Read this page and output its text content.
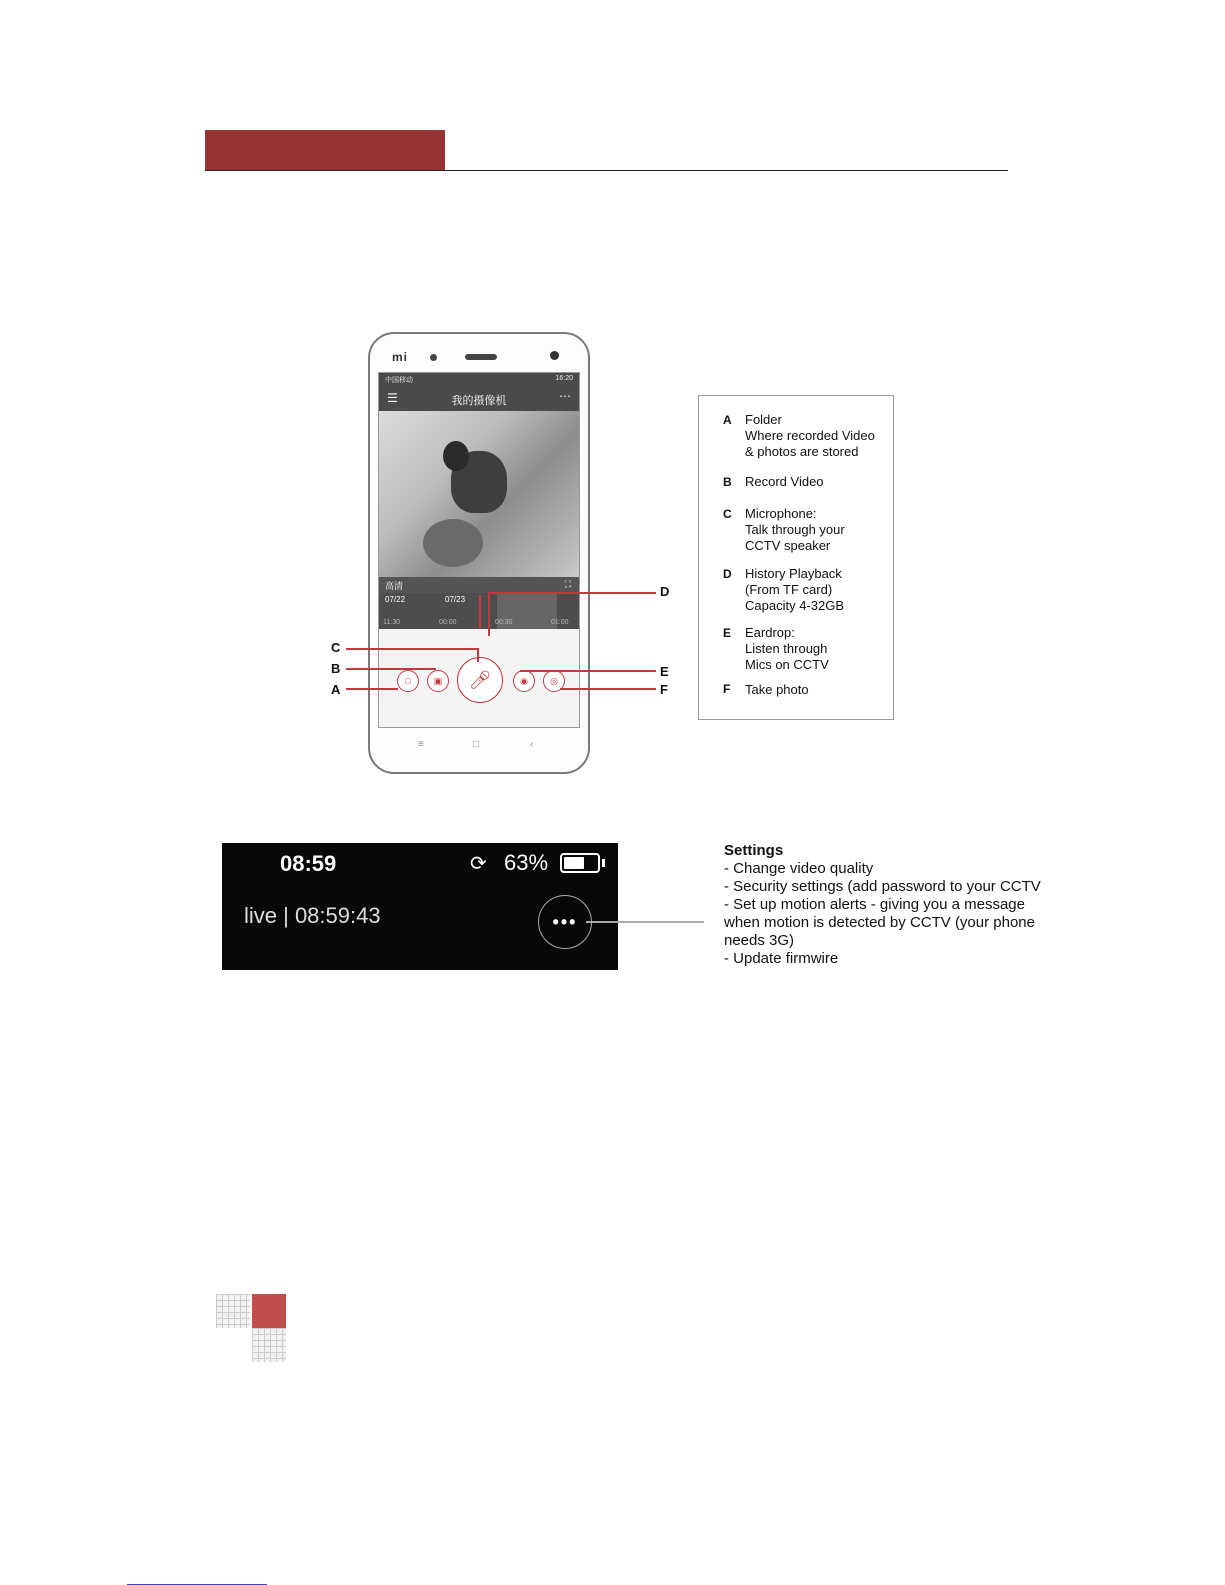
mi
中国移动	16:20
☰	我的摄像机	⋯
高清	⛶
07/22	07/23
11:30	00:00	00:30	01:00
□	▣ 🎤︎	◉ ◎
≡	□	‹
C
B
A
D
E
F
A Folder
Where recorded Video
& photos are stored
B Record Video
C Microphone:
Talk through your
CCTV speaker
D History Playback
(From TF card)
Capacity 4-32GB
E Eardrop:
Listen through
Mics on CCTV
F Take photo
08:59	⟳ 63%
live | 08:59:43	•••
Settings
- Change video quality
- Security settings (add password to your CCTV
- Set up motion alerts - giving you a message
when motion is detected by CCTV (your phone
needs 3G)
- Update firmwire
